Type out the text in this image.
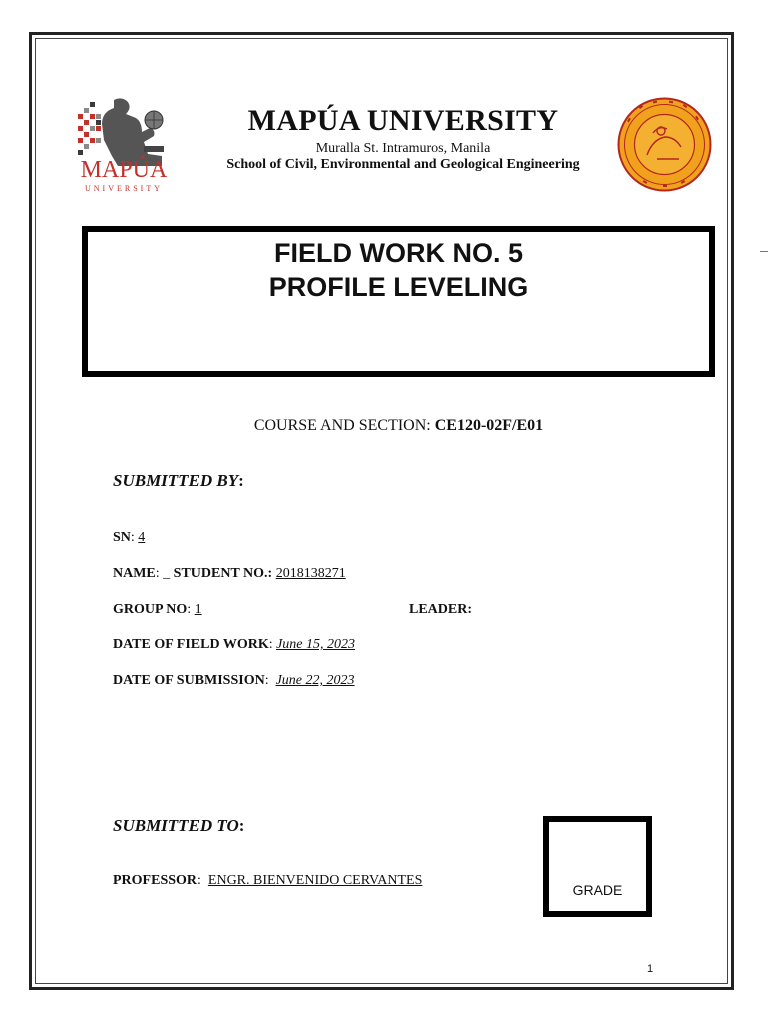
MAPÚA
UNIVERSITY
MAPÚA UNIVERSITY
Muralla St. Intramuros, Manila
School of Civil, Environmental and Geological Engineering
FIELD WORK NO. 5
PROFILE LEVELING
COURSE AND SECTION: CE120-02F/E01
SUBMITTED BY:
SN: 4
NAME: _ STUDENT NO.: 2018138271
GROUP NO: 1	LEADER:
DATE OF FIELD WORK: June 15, 2023
DATE OF SUBMISSION:  June 22, 2023
SUBMITTED TO:
PROFESSOR:  ENGR. BIENVENIDO CERVANTES
GRADE
1
